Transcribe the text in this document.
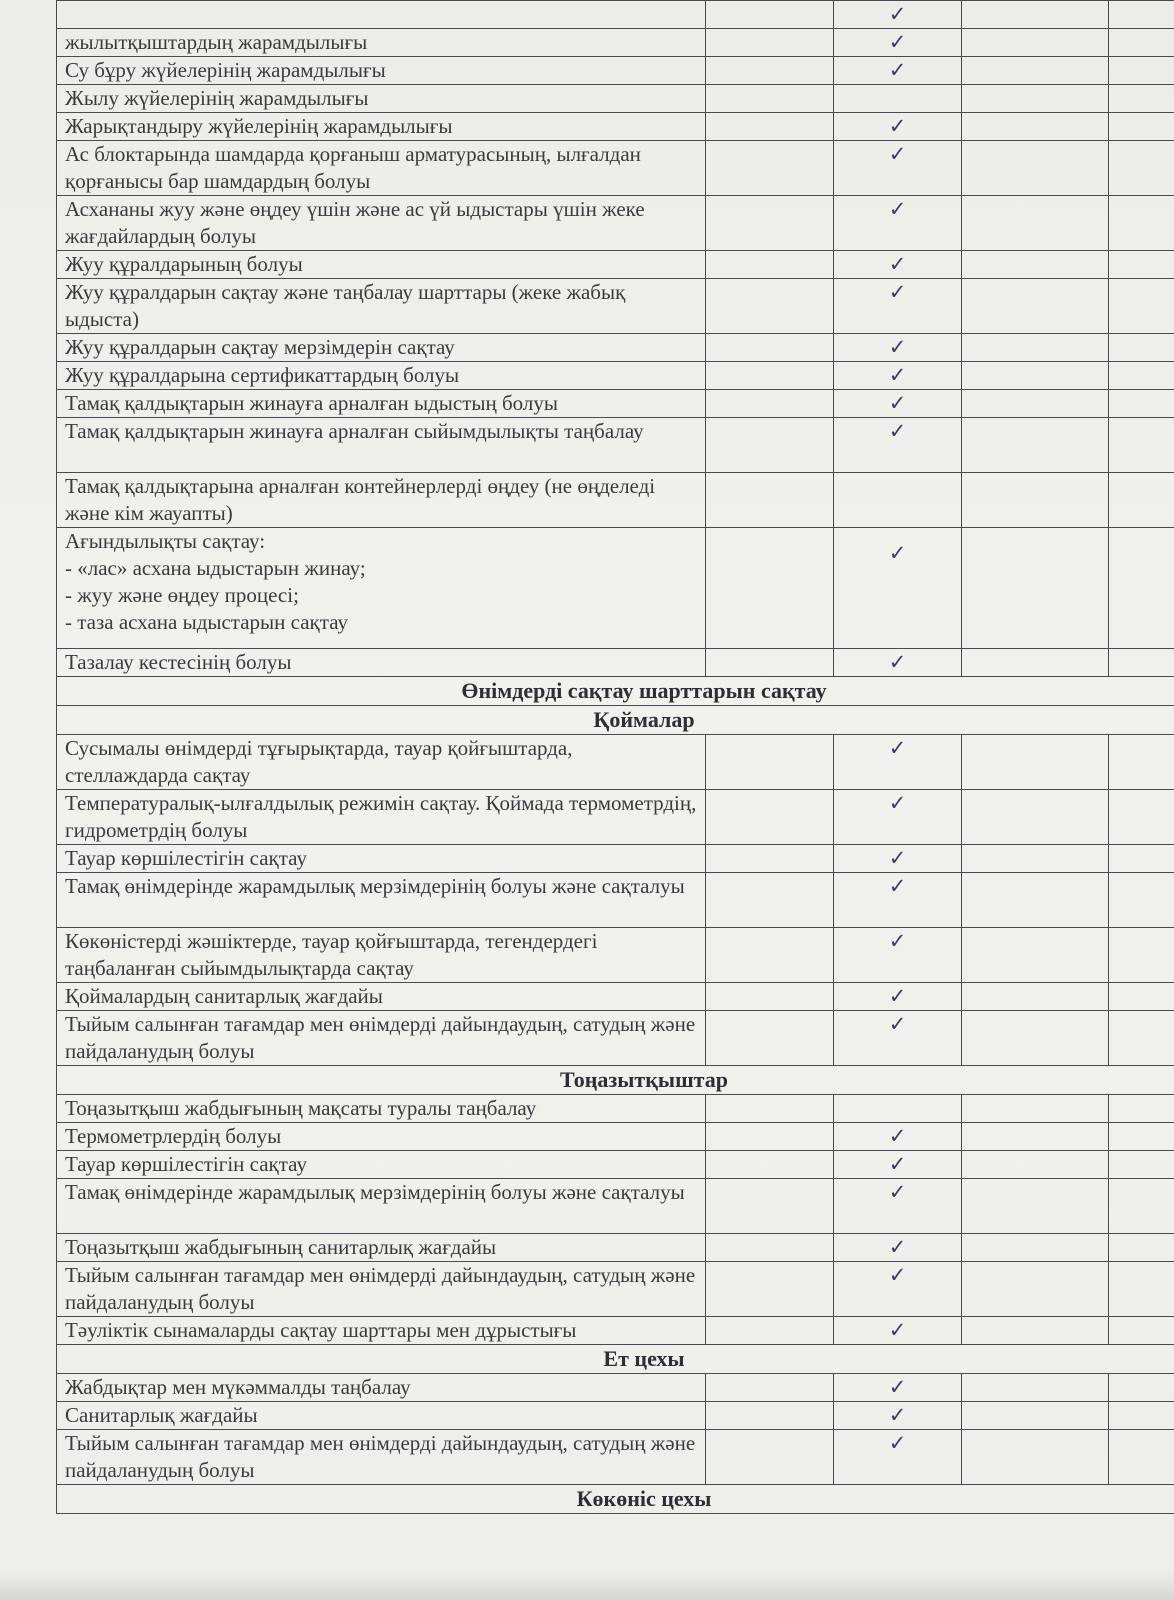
		✓		
жылытқыштардың жарамдылығы		✓		
Су бұру жүйелерінің жарамдылығы		✓		
Жылу жүйелерінің жарамдылығы				
Жарықтандыру жүйелерінің жарамдылығы		✓		
Ас блоктарында шамдарда қорғаныш арматурасының, ылғалдан қорғанысы бар шамдардың болуы		✓		
Асхананы жуу және өңдеу үшін және ас үй ыдыстары үшін жеке жағдайлардың болуы		✓		
Жуу құралдарының болуы		✓		
Жуу құралдарын сақтау және таңбалау шарттары (жеке жабық ыдыста)		✓		
Жуу құралдарын сақтау мерзімдерін сақтау		✓		
Жуу құралдарына сертификаттардың болуы		✓		
Тамақ қалдықтарын жинауға арналған ыдыстың болуы		✓		
Тамақ қалдықтарын жинауға арналған сыйымдылықты таңбалау		✓		
Тамақ қалдықтарына арналған контейнерлерді өңдеу (не өңделеді және кім жауапты)				

Ағындылықты сақтау:
- «лас» асхана ыдыстарын жинау;
- жуу және өңдеу процесі;
- таза асхана ыдыстарын сақтау		✓		
Тазалау кестесінің болуы		✓		
Өнімдерді сақтау шарттарын сақтау				
Қоймалар				
Сусымалы өнімдерді тұғырықтарда, тауар қойғыштарда, стеллаждарда сақтау		✓		
Температуралық-ылғалдылық режимін сақтау. Қоймада термометрдің, гидрометрдің болуы		✓		
Тауар көршілестігін сақтау		✓		
Тамақ өнімдерінде жарамдылық мерзімдерінің болуы және сақталуы		✓		
Көкөністерді жәшіктерде, тауар қойғыштарда, тегендердегі таңбаланған сыйымдылықтарда сақтау		✓		
Қоймалардың санитарлық жағдайы		✓		
Тыйым салынған тағамдар мен өнімдерді дайындаудың, сатудың және пайдаланудың болуы		✓		
Тоңазытқыштар				
Тоңазытқыш жабдығының мақсаты туралы таңбалау				
Термометрлердің болуы		✓		
Тауар көршілестігін сақтау		✓		
Тамақ өнімдерінде жарамдылық мерзімдерінің болуы және сақталуы		✓		
Тоңазытқыш жабдығының санитарлық жағдайы		✓		
Тыйым салынған тағамдар мен өнімдерді дайындаудың, сатудың және пайдаланудың болуы		✓		
Тәуліктік сынамаларды сақтау шарттары мен дұрыстығы		✓		
Ет цехы				
Жабдықтар мен мүкәммалды таңбалау		✓		
Санитарлық жағдайы		✓		
Тыйым салынған тағамдар мен өнімдерді дайындаудың, сатудың және пайдаланудың болуы		✓		
Көкөніс цехы				
